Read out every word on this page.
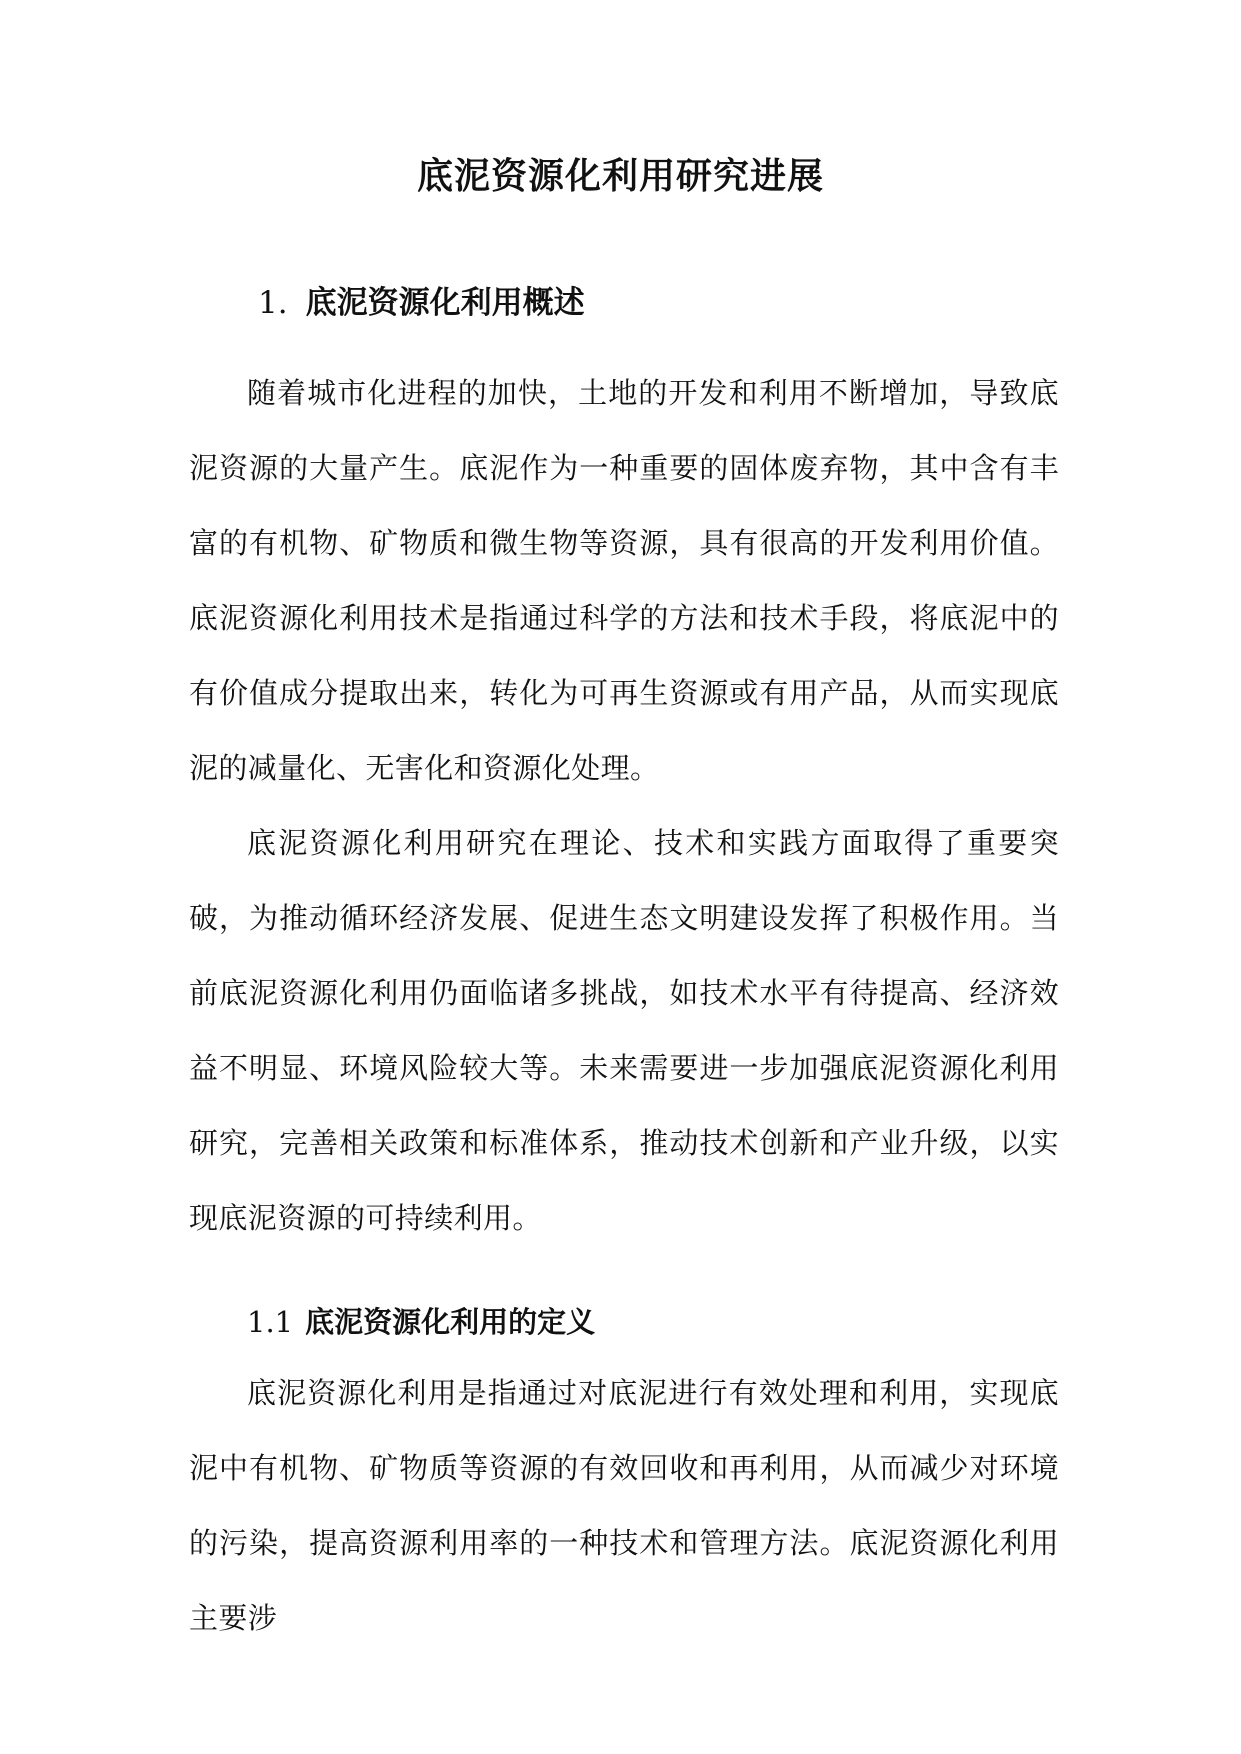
底泥资源化利用研究进展
1. 底泥资源化利用概述

随着城市化进程的加快，土地的开发和利用不断增加，导致底泥资源的大量产生。底泥作为一种重要的固体废弃物，其中含有丰富的有机物、矿物质和微生物等资源，具有很高的开发利用价值。底泥资源化利用技术是指通过科学的方法和技术手段，将底泥中的有价值成分提取出来，转化为可再生资源或有用产品，从而实现底泥的减量化、无害化和资源化处理。

底泥资源化利用研究在理论、技术和实践方面取得了重要突破，为推动循环经济发展、促进生态文明建设发挥了积极作用。当前底泥资源化利用仍面临诸多挑战，如技术水平有待提高、经济效益不明显、环境风险较大等。未来需要进一步加强底泥资源化利用研究，完善相关政策和标准体系，推动技术创新和产业升级，以实现底泥资源的可持续利用。

1.1 底泥资源化利用的定义

底泥资源化利用是指通过对底泥进行有效处理和利用，实现底泥中有机物、矿物质等资源的有效回收和再利用，从而减少对环境的污染，提高资源利用率的一种技术和管理方法。底泥资源化利用主要涉
